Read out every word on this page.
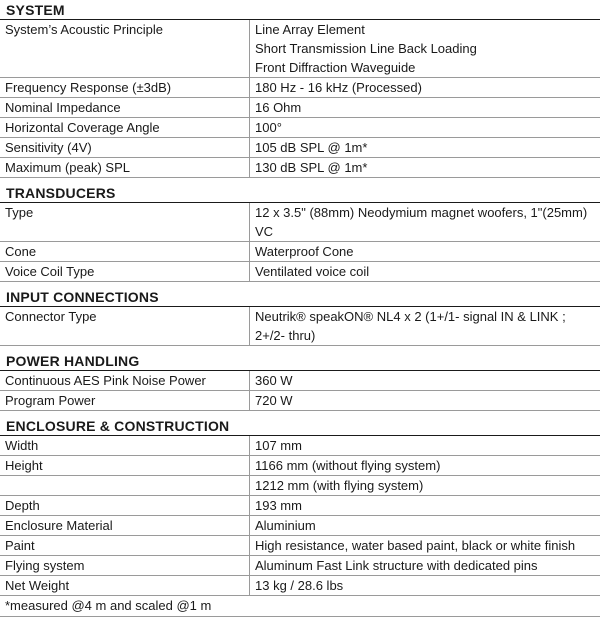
SYSTEM
System’s Acoustic Principle	Line Array Element
Short Transmission Line Back Loading
Front Diffraction Waveguide
Frequency Response (±3dB)	180 Hz - 16 kHz (Processed)
Nominal Impedance	16 Ohm
Horizontal Coverage Angle	100°
Sensitivity (4V)	105 dB SPL @ 1m*
Maximum (peak) SPL	130 dB SPL @ 1m*
TRANSDUCERS
Type	12 x 3.5" (88mm) Neodymium magnet woofers, 1"(25mm) VC
Cone	Waterproof Cone
Voice Coil Type	Ventilated voice coil
INPUT CONNECTIONS
Connector Type	Neutrik® speakON® NL4 x 2 (1+/1- signal IN & LINK ; 2+/2- thru)
POWER HANDLING
Continuous AES Pink Noise Power	360 W
Program Power	720 W
ENCLOSURE & CONSTRUCTION
Width	107 mm
Height	1166 mm (without flying system)
1212 mm (with flying system)
Depth	193 mm
Enclosure Material	Aluminium
Paint	High resistance, water based paint, black or white finish
Flying system	Aluminum Fast Link structure with dedicated pins
Net Weight	13 kg / 28.6 lbs
*measured @4 m and scaled @1 m
